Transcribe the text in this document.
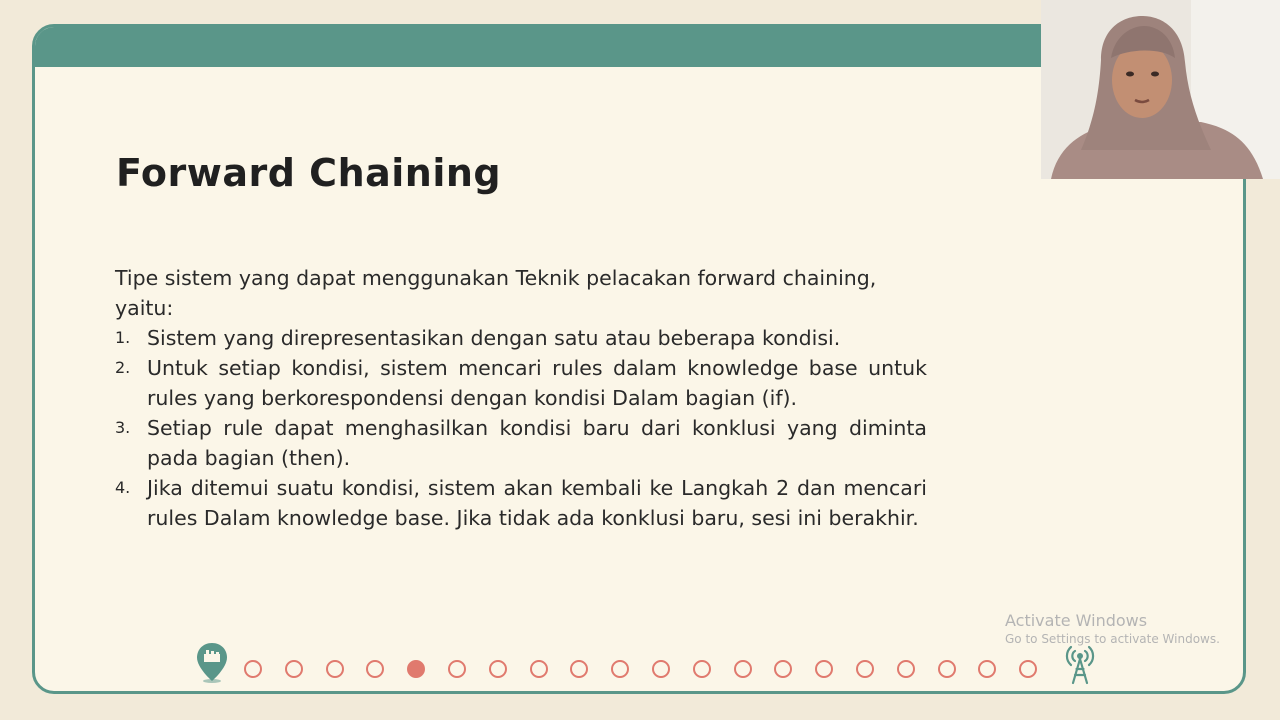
Forward Chaining

Tipe sistem yang dapat menggunakan Teknik pelacakan forward chaining, yaitu:

1. Sistem yang direpresentasikan dengan satu atau beberapa kondisi.
2. Untuk setiap kondisi, sistem mencari rules dalam knowledge base untuk rules yang berkorespondensi dengan kondisi Dalam bagian (if).
3. Setiap rule dapat menghasilkan kondisi baru dari konklusi yang diminta pada bagian (then).
4. Jika ditemui suatu kondisi, sistem akan kembali ke Langkah 2 dan mencari rules Dalam knowledge base. Jika tidak ada konklusi baru, sesi ini berakhir.
Activate Windows
Go to Settings to activate Windows.
